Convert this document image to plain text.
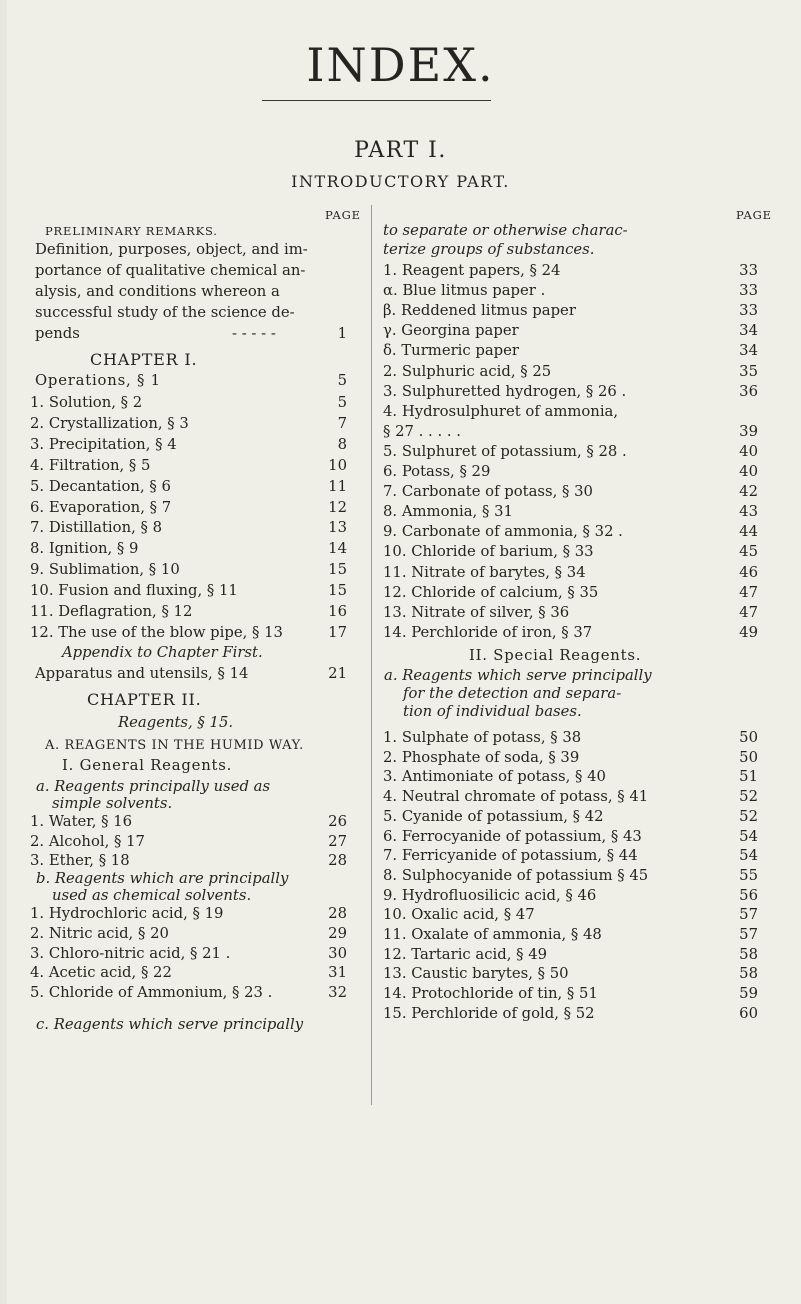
INDEX.
PART I.
INTRODUCTORY PART.
PAGE
PRELIMINARY REMARKS.
Definition, purposes, object, and im-
portance of qualitative chemical an-
alysis, and conditions whereon a
successful study of the science de-
pends	- - - - -	1
CHAPTER I.
Operations, § 1	5
1. Solution, § 2	5
2. Crystallization, § 3	7
3. Precipitation, § 4	8
4. Filtration, § 5	10
5. Decantation, § 6	11
6. Evaporation, § 7	12
7. Distillation, § 8	13
8. Ignition, § 9	14
9. Sublimation, § 10	15
10. Fusion and fluxing, § 11	15
11. Deflagration, § 12	16
12. The use of the blow pipe, § 13	17
Appendix to Chapter First.
Apparatus and utensils, § 14	21
CHAPTER II.
Reagents, § 15.
A. REAGENTS IN THE HUMID WAY.
I. General Reagents.
a. Reagents principally used as
simple solvents.
1. Water, § 16	26
2. Alcohol, § 17	27
3. Ether, § 18	28
b. Reagents which are principally
used as chemical solvents.
1. Hydrochloric acid, § 19	28
2. Nitric acid, § 20	29
3. Chloro-nitric acid, § 21 .	30
4. Acetic acid, § 22	31
5. Chloride of Ammonium, § 23 .	32
c. Reagents which serve principally
PAGE
to separate or otherwise charac-
terize groups of substances.
1. Reagent papers, § 24	33
α. Blue litmus paper .	33
β. Reddened litmus paper	33
γ. Georgina paper	34
δ. Turmeric paper	34
2. Sulphuric acid, § 25	35
3. Sulphuretted hydrogen, § 26 .	36
4. Hydrosulphuret of ammonia,
§ 27 . . . . .	39
5. Sulphuret of potassium, § 28 .	40
6. Potass, § 29	40
7. Carbonate of potass, § 30	42
8. Ammonia, § 31	43
9. Carbonate of ammonia, § 32 .	44
10. Chloride of barium, § 33	45
11. Nitrate of barytes, § 34	46
12. Chloride of calcium, § 35	47
13. Nitrate of silver, § 36	47
14. Perchloride of iron, § 37	49
II. Special Reagents.
a. Reagents which serve principally
for the detection and separa-
tion of individual bases.
1. Sulphate of potass, § 38	50
2. Phosphate of soda, § 39	50
3. Antimoniate of potass, § 40	51
4. Neutral chromate of potass, § 41	52
5. Cyanide of potassium, § 42	52
6. Ferrocyanide of potassium, § 43	54
7. Ferricyanide of potassium, § 44	54
8. Sulphocyanide of potassium § 45	55
9. Hydrofluosilicic acid, § 46	56
10. Oxalic acid, § 47	57
11. Oxalate of ammonia, § 48	57
12. Tartaric acid, § 49	58
13. Caustic barytes, § 50	58
14. Protochloride of tin, § 51	59
15. Perchloride of gold, § 52	60
